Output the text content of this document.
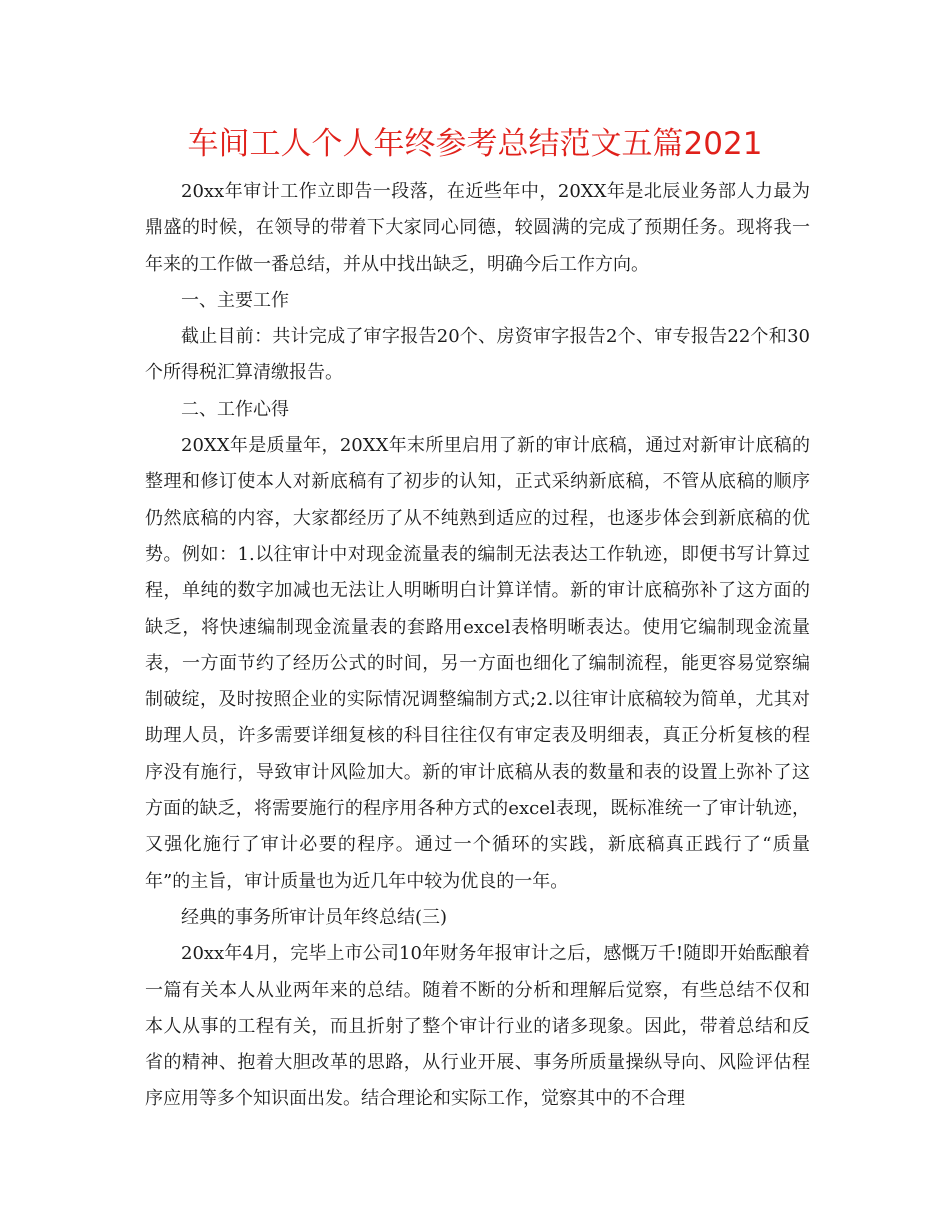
车间工人个人年终参考总结范文五篇2021

20xx年审计工作立即告一段落，在近些年中，20XX年是北辰业务部人力最为鼎盛的时候，在领导的带着下大家同心同德，较圆满的完成了预期任务。现将我一年来的工作做一番总结，并从中找出缺乏，明确今后工作方向。

一、主要工作

截止目前：共计完成了审字报告20个、房资审字报告2个、审专报告22个和30个所得税汇算清缴报告。

二、工作心得

20XX年是质量年，20XX年末所里启用了新的审计底稿，通过对新审计底稿的整理和修订使本人对新底稿有了初步的认知，正式采纳新底稿，不管从底稿的顺序仍然底稿的内容，大家都经历了从不纯熟到适应的过程，也逐步体会到新底稿的优势。例如：1.以往审计中对现金流量表的编制无法表达工作轨迹，即便书写计算过程，单纯的数字加减也无法让人明晰明白计算详情。新的审计底稿弥补了这方面的缺乏，将快速编制现金流量表的套路用excel表格明晰表达。使用它编制现金流量表，一方面节约了经历公式的时间，另一方面也细化了编制流程，能更容易觉察编制破绽，及时按照企业的实际情况调整编制方式;2.以往审计底稿较为简单，尤其对助理人员，许多需要详细复核的科目往往仅有审定表及明细表，真正分析复核的程序没有施行，导致审计风险加大。新的审计底稿从表的数量和表的设置上弥补了这方面的缺乏，将需要施行的程序用各种方式的excel表现，既标准统一了审计轨迹，又强化施行了审计必要的程序。通过一个循环的实践，新底稿真正践行了“质量年”的主旨，审计质量也为近几年中较为优良的一年。

经典的事务所审计员年终总结(三)

20xx年4月，完毕上市公司10年财务年报审计之后，感慨万千!随即开始酝酿着一篇有关本人从业两年来的总结。随着不断的分析和理解后觉察，有些总结不仅和本人从事的工程有关，而且折射了整个审计行业的诸多现象。因此，带着总结和反省的精神、抱着大胆改革的思路，从行业开展、事务所质量操纵导向、风险评估程序应用等多个知识面出发。结合理论和实际工作，觉察其中的不合理
